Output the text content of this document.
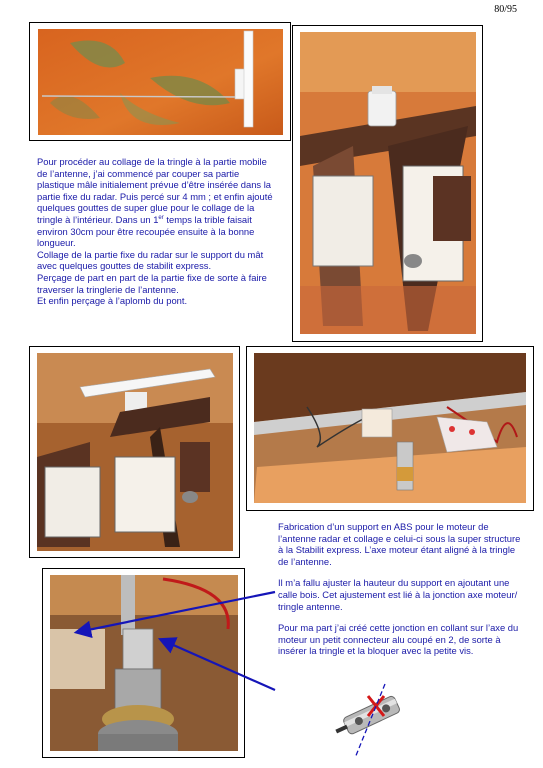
80/95

Pour procéder au collage de la tringle à la partie mobile de l’antenne, j’ai commencé par couper sa partie plastique mâle initialement prévue d’être insérée dans la partie fixe du radar. Puis percé sur 4 mm ; et enfin ajouté quelques gouttes de super glue pour le collage de la tringle à l’intérieur. Dans un 1er temps la trible faisait environ 30cm pour être recoupée ensuite à la bonne longueur.
Collage de la partie fixe du radar sur le support du mât avec quelques gouttes de stabilit express.
Perçage de part en part de la partie fixe de sorte à faire traverser la tringlerie de l’antenne.
Et enfin perçage à l’aplomb du pont.

Fabrication d’un support en ABS pour le moteur de l’antenne radar et collage e celui-ci sous la super structure à la Stabilit express. L’axe moteur étant aligné à la tringle de l’antenne.

Il m’a fallu ajuster la hauteur du support en ajoutant une calle bois. Cet ajustement est lié à la jonction axe moteur/ tringle antenne.

Pour ma part j’ai créé cette jonction en collant sur l’axe du moteur un petit connecteur alu coupé en 2, de sorte à insérer la tringle et la bloquer avec la petite vis.
